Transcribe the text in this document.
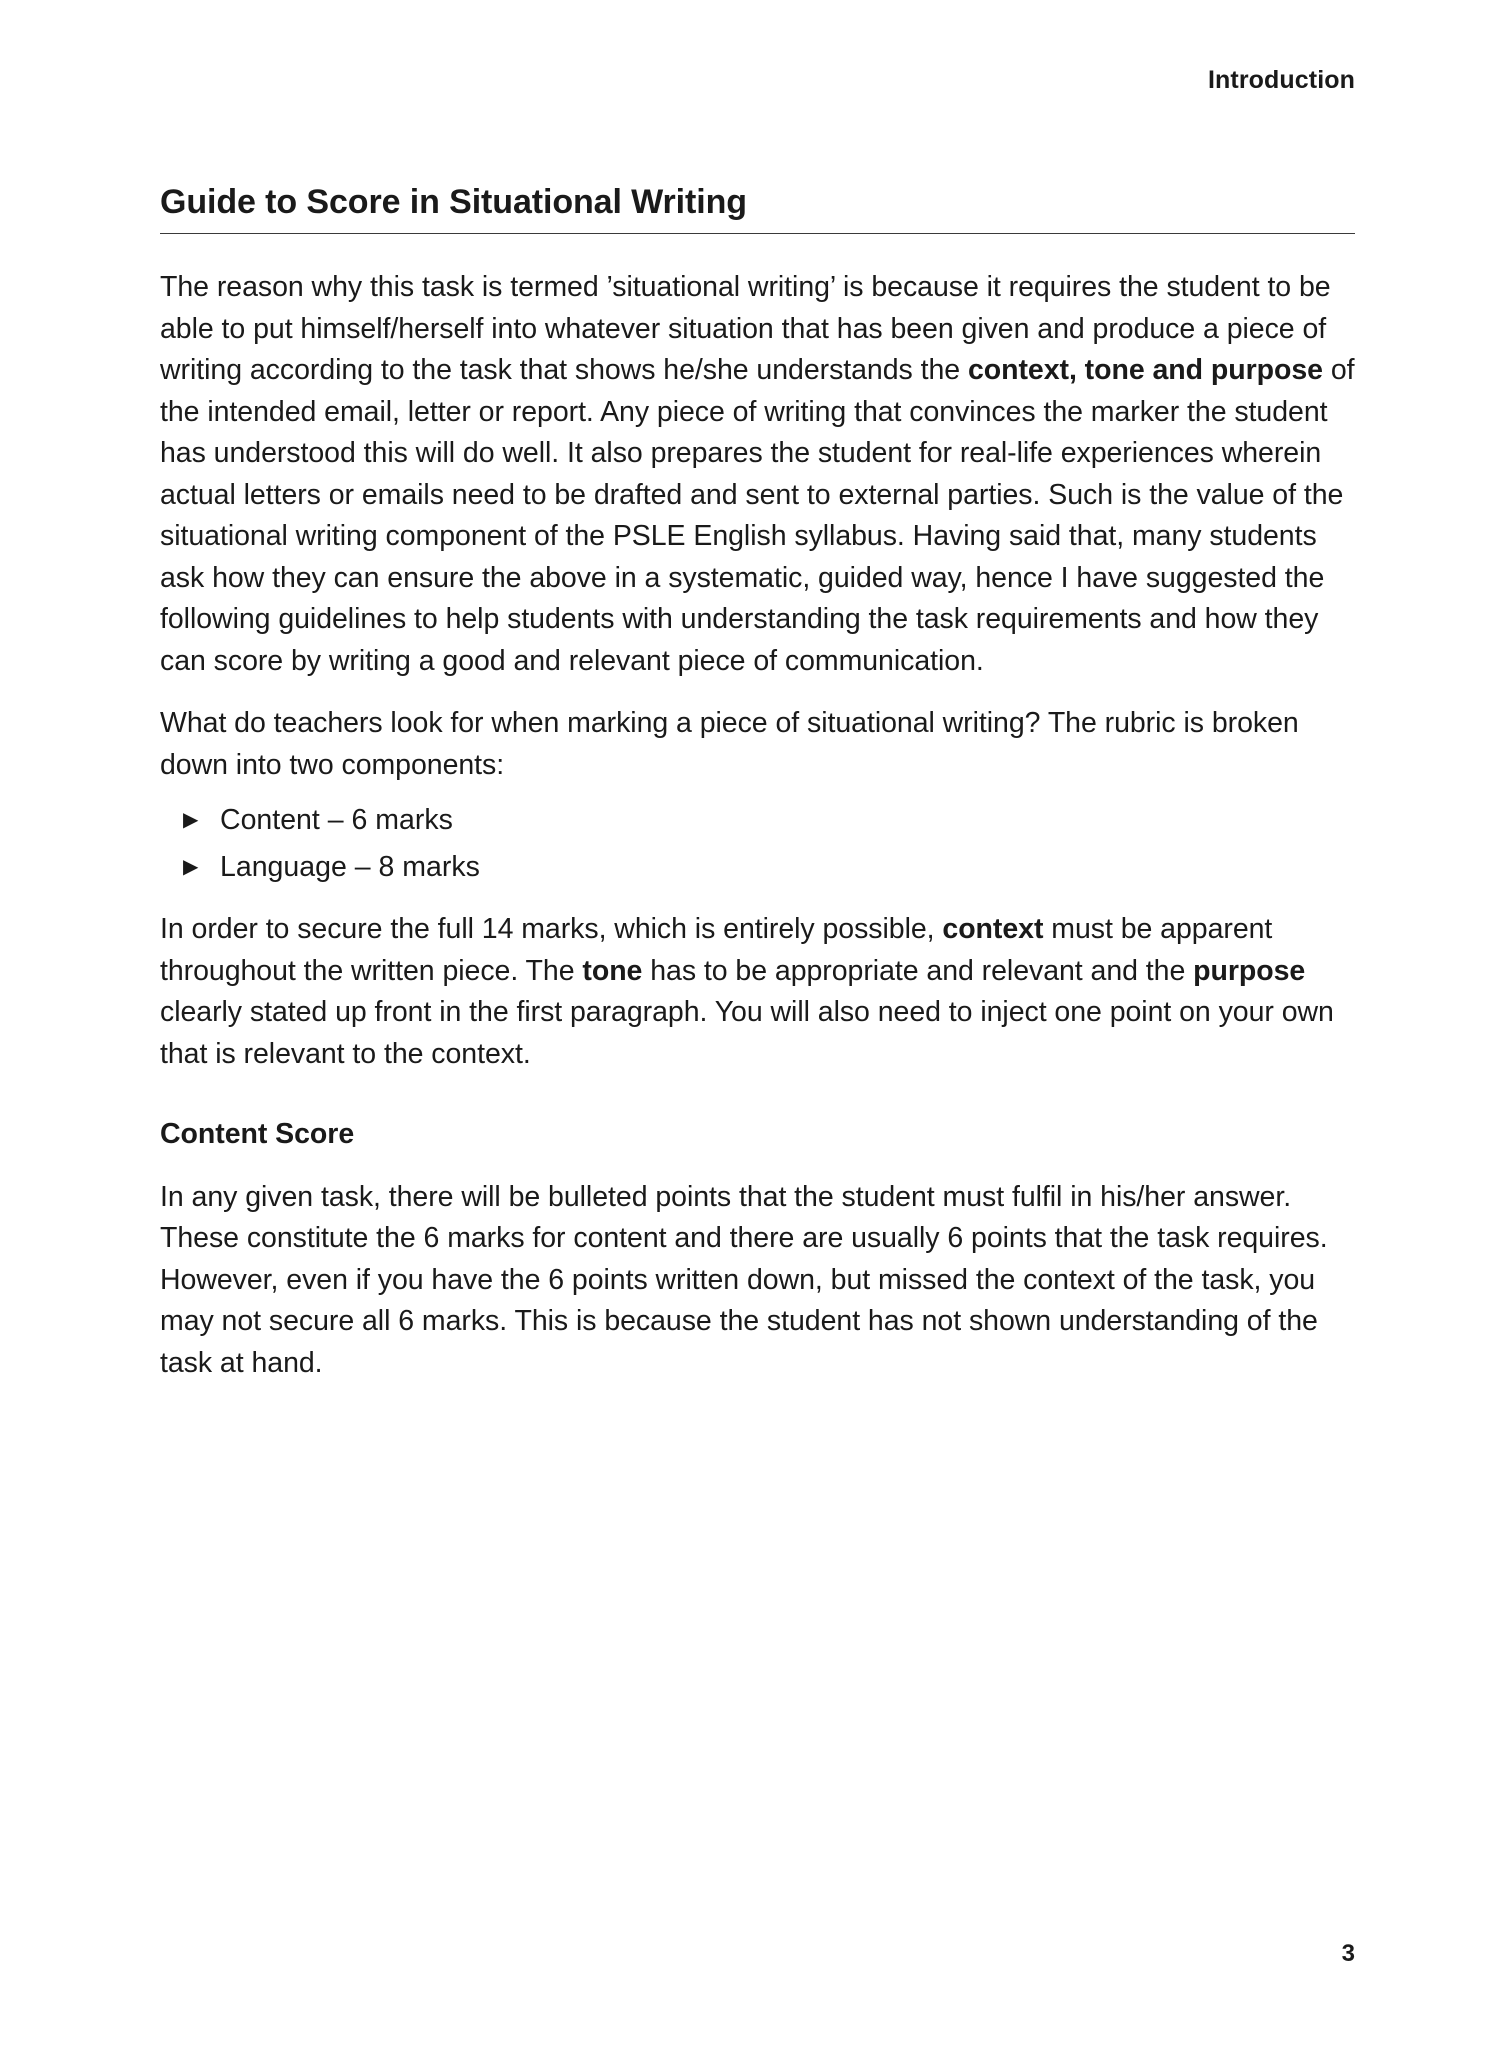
Introduction
Guide to Score in Situational Writing

The reason why this task is termed ’situational writing’ is because it requires the student to be able to put himself/herself into whatever situation that has been given and produce a piece of writing according to the task that shows he/she understands the context, tone and purpose of the intended email, letter or report. Any piece of writing that convinces the marker the student has understood this will do well. It also prepares the student for real-life experiences wherein actual letters or emails need to be drafted and sent to external parties. Such is the value of the situational writing component of the PSLE English syllabus. Having said that, many students ask how they can ensure the above in a systematic, guided way, hence I have suggested the following guidelines to help students with understanding the task requirements and how they can score by writing a good and relevant piece of communication.

What do teachers look for when marking a piece of situational writing? The rubric is broken down into two components:

▶ Content – 6 marks
▶ Language – 8 marks

In order to secure the full 14 marks, which is entirely possible, context must be apparent throughout the written piece. The tone has to be appropriate and relevant and the purpose clearly stated up front in the first paragraph. You will also need to inject one point on your own that is relevant to the context.

Content Score

In any given task, there will be bulleted points that the student must fulfil in his/her answer. These constitute the 6 marks for content and there are usually 6 points that the task requires. However, even if you have the 6 points written down, but missed the context of the task, you may not secure all 6 marks. This is because the student has not shown understanding of the task at hand.

3
